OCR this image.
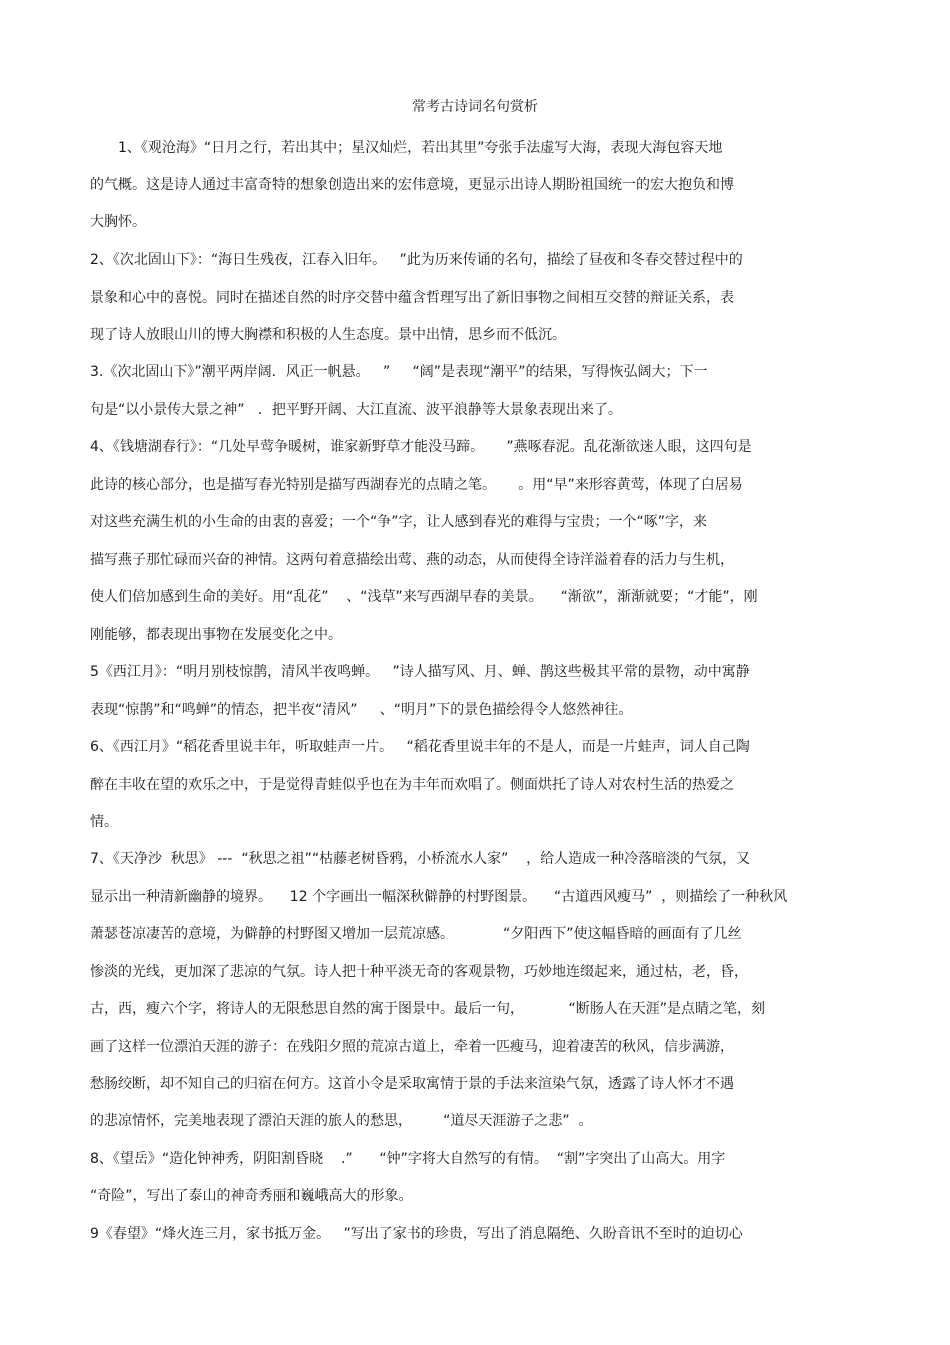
常考古诗词名句赏析
1、《观沧海》“日月之行，若出其中；星汉灿烂，若出其里”夸张手法虚写大海，表现大海包容天地
的气概。这是诗人通过丰富奇特的想象创造出来的宏伟意境，更显示出诗人期盼祖国统一的宏大抱负和博
大胸怀。
2、《次北固山下》：“海日生残夜，江春入旧年。   ”此为历来传诵的名句，描绘了昼夜和冬春交替过程中的
景象和心中的喜悦。同时在描述自然的时序交替中蕴含哲理写出了新旧事物之间相互交替的辩证关系，表
现了诗人放眼山川的博大胸襟和积极的人生态度。景中出情，思乡而不低沉。
3.《次北固山下》”潮平两岸阔．风正一帆悬。   ”     “阔”是表现“潮平”的结果，写得恢弘阔大；下一
句是“以小景传大景之神”   ．把平野开阔、大江直流、波平浪静等大景象表现出来了。
4、《钱塘湖春行》：“几处早莺争暖树，谁家新野草才能没马蹄。     ”燕啄春泥。乱花渐欲迷人眼，这四句是
此诗的核心部分，也是描写春光特别是描写西湖春光的点睛之笔。     。用“早”来形容黄莺，体现了白居易
对这些充满生机的小生命的由衷的喜爱；一个“争”字，让人感到春光的难得与宝贵；一个“啄”字，来
描写燕子那忙碌而兴奋的神情。这两句着意描绘出莺、燕的动态，从而使得全诗洋溢着春的活力与生机，
使人们倍加感到生命的美好。用“乱花”    、“浅草”来写西湖早春的美景。    “渐欲”，渐渐就要；“才能”，刚
刚能够，都表现出事物在发展变化之中。
5《西江月》：“明月别枝惊鹊，清风半夜鸣蝉。   ”诗人描写风、月、蝉、鹊这些极其平常的景物，动中寓静
表现“惊鹊”和“鸣蝉”的情态，把半夜“清风”     、“明月”下的景色描绘得令人悠然神往。
6、《西江月》“稻花香里说丰年，听取蛙声一片。   “稻花香里说丰年的不是人，而是一片蛙声，词人自己陶
醉在丰收在望的欢乐之中，于是觉得青蛙似乎也在为丰年而欢唱了。侧面烘托了诗人对农村生活的热爱之
情。
7、《天净沙  秋思》 ---  “秋思之祖”“枯藤老树昏鸦，小桥流水人家”    ，给人造成一种冷落暗淡的气氛，又
显示出一种清新幽静的境界。    12 个字画出一幅深秋僻静的村野图景。    “古道西风瘦马”  ，则描绘了一种秋风
萧瑟苍凉凄苦的意境，为僻静的村野图又增加一层荒凉感。           “夕阳西下”使这幅昏暗的画面有了几丝
惨淡的光线，更加深了悲凉的气氛。诗人把十种平淡无奇的客观景物，巧妙地连缀起来，通过枯，老，昏，
古，西，瘦六个字，将诗人的无限愁思自然的寓于图景中。最后一句，          “断肠人在天涯”是点睛之笔，刻
画了这样一位漂泊天涯的游子：在残阳夕照的荒凉古道上，牵着一匹瘦马，迎着凄苦的秋风，信步满游，
愁肠绞断，却不知自己的归宿在何方。这首小令是采取寓情于景的手法来渲染气氛，透露了诗人怀才不遇
的悲凉情怀，完美地表现了漂泊天涯的旅人的愁思，       “道尽天涯游子之悲”  。
8、《望岳》“造化钟神秀，阴阳割昏晓    .”      “钟”字将大自然写的有情。  “割”字突出了山高大。用字
“奇险”，写出了泰山的神奇秀丽和巍峨高大的形象。
9《春望》“烽火连三月，家书抵万金。   ”写出了家书的珍贵，写出了消息隔绝、久盼音讯不至时的迫切心
